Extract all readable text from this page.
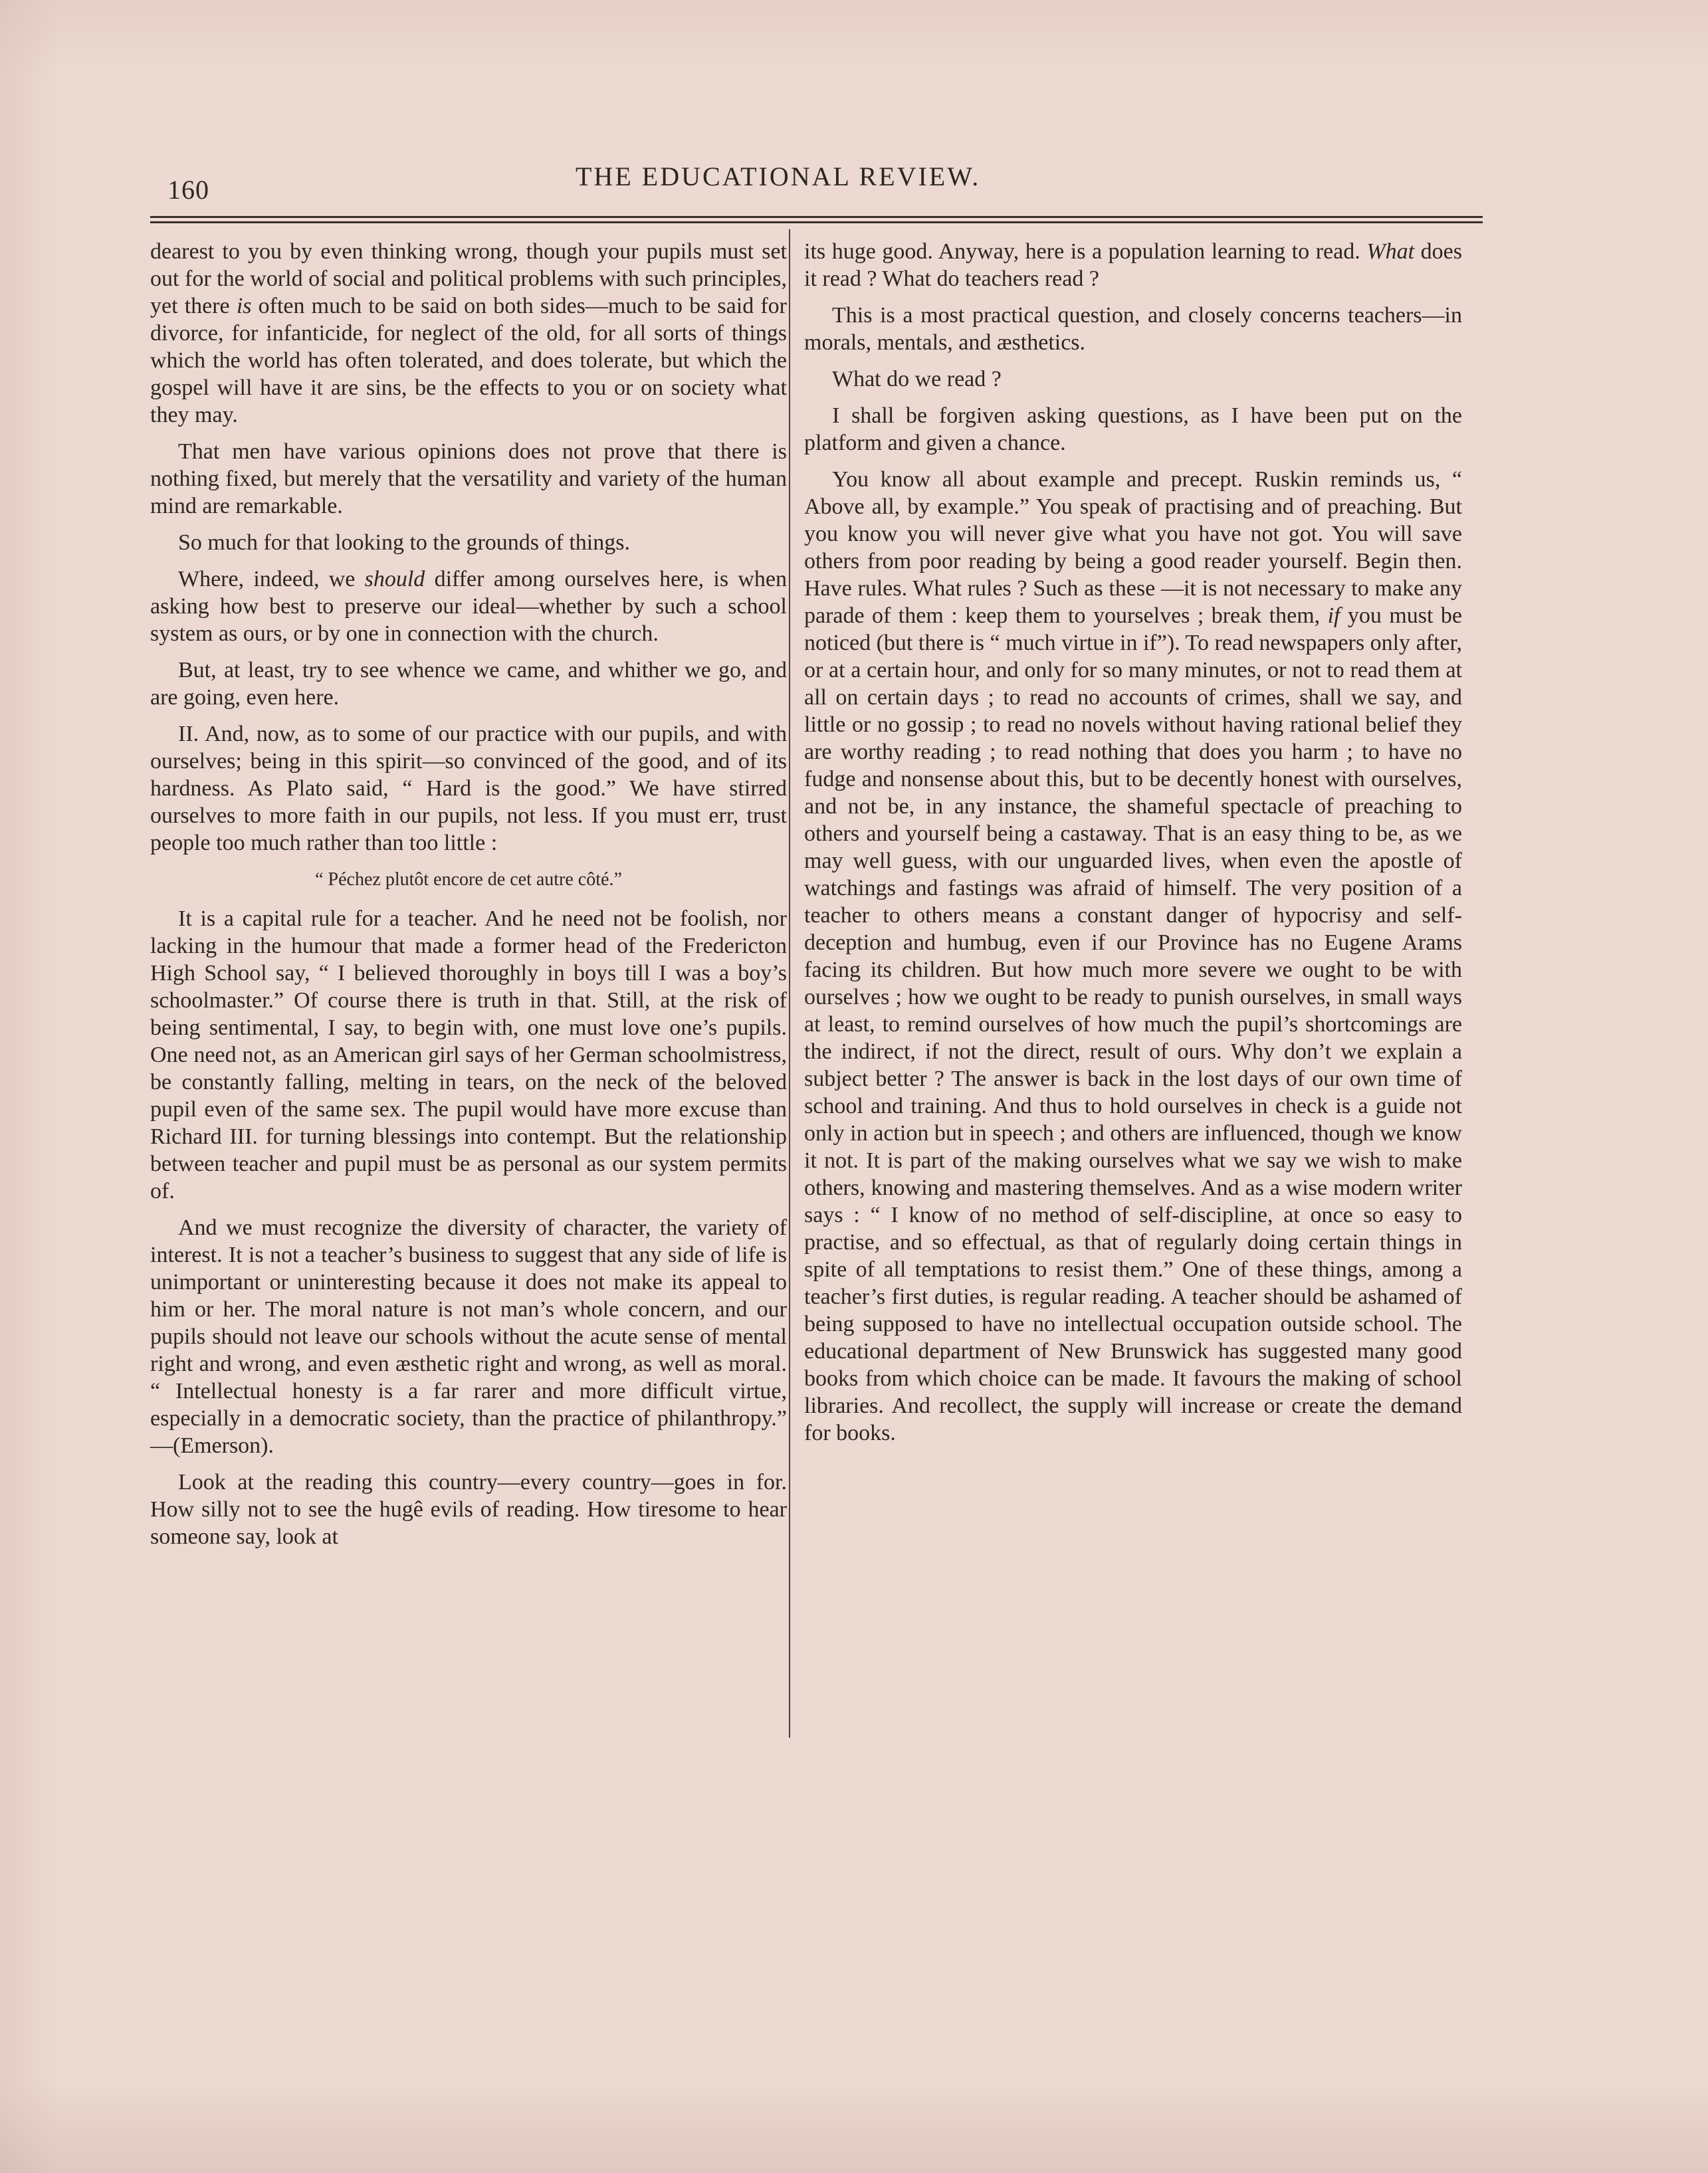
160	THE EDUCATIONAL REVIEW.

dearest to you by even thinking wrong, though your pupils must set out for the world of social and political problems with such principles, yet there is often much to be said on both sides—much to be said for divorce, for infanticide, for neglect of the old, for all sorts of things which the world has often tolerated, and does tolerate, but which the gospel will have it are sins, be the effects to you or on society what they may.

That men have various opinions does not prove that there is nothing fixed, but merely that the versatility and variety of the human mind are remarkable.

So much for that looking to the grounds of things.

Where, indeed, we should differ among ourselves here, is when asking how best to preserve our ideal—whether by such a school system as ours, or by one in connection with the church.

But, at least, try to see whence we came, and whither we go, and are going, even here.

II. And, now, as to some of our practice with our pupils, and with ourselves; being in this spirit—so convinced of the good, and of its hardness. As Plato said, “ Hard is the good.” We have stirred ourselves to more faith in our pupils, not less. If you must err, trust people too much rather than too little :

“ Péchez plutôt encore de cet autre côté.”

It is a capital rule for a teacher. And he need not be foolish, nor lacking in the humour that made a former head of the Fredericton High School say, “ I believed thoroughly in boys till I was a boy’s schoolmaster.” Of course there is truth in that. Still, at the risk of being sentimental, I say, to begin with, one must love one’s pupils. One need not, as an American girl says of her German schoolmistress, be constantly falling, melting in tears, on the neck of the beloved pupil even of the same sex. The pupil would have more excuse than Richard III. for turning blessings into contempt. But the relationship between teacher and pupil must be as personal as our system permits of.

And we must recognize the diversity of character, the variety of interest. It is not a teacher’s business to suggest that any side of life is unimportant or uninteresting because it does not make its appeal to him or her. The moral nature is not man’s whole concern, and our pupils should not leave our schools without the acute sense of mental right and wrong, and even æsthetic right and wrong, as well as moral. “ Intellectual honesty is a far rarer and more difficult virtue, especially in a democratic society, than the practice of philanthropy.” —(Emerson).

Look at the reading this country—every country—goes in for. How silly not to see the hugê evils of reading. How tiresome to hear someone say, look at

its huge good. Anyway, here is a population learning to read. What does it read ? What do teachers read ?

This is a most practical question, and closely concerns teachers—in morals, mentals, and æsthetics.

What do we read ?

I shall be forgiven asking questions, as I have been put on the platform and given a chance.

You know all about example and precept. Ruskin reminds us, “ Above all, by example.” You speak of practising and of preaching. But you know you will never give what you have not got. You will save others from poor reading by being a good reader yourself. Begin then. Have rules. What rules ? Such as these —it is not necessary to make any parade of them : keep them to yourselves ; break them, if you must be noticed (but there is “ much virtue in if”). To read newspapers only after, or at a certain hour, and only for so many minutes, or not to read them at all on certain days ; to read no accounts of crimes, shall we say, and little or no gossip ; to read no novels without having rational belief they are worthy reading ; to read nothing that does you harm ; to have no fudge and nonsense about this, but to be decently honest with ourselves, and not be, in any instance, the shameful spectacle of preaching to others and yourself being a castaway. That is an easy thing to be, as we may well guess, with our unguarded lives, when even the apostle of watchings and fastings was afraid of himself. The very position of a teacher to others means a constant danger of hypocrisy and self-deception and humbug, even if our Province has no Eugene Arams facing its children. But how much more severe we ought to be with ourselves ; how we ought to be ready to punish ourselves, in small ways at least, to remind ourselves of how much the pupil’s shortcomings are the indirect, if not the direct, result of ours. Why don’t we explain a subject better ? The answer is back in the lost days of our own time of school and training. And thus to hold ourselves in check is a guide not only in action but in speech ; and others are influenced, though we know it not. It is part of the making ourselves what we say we wish to make others, knowing and mastering themselves. And as a wise modern writer says : “ I know of no method of self-discipline, at once so easy to practise, and so effectual, as that of regularly doing certain things in spite of all temptations to resist them.” One of these things, among a teacher’s first duties, is regular reading. A teacher should be ashamed of being supposed to have no intellectual occupation outside school. The educational department of New Brunswick has suggested many good books from which choice can be made. It favours the making of school libraries. And recollect, the supply will increase or create the demand for books.
